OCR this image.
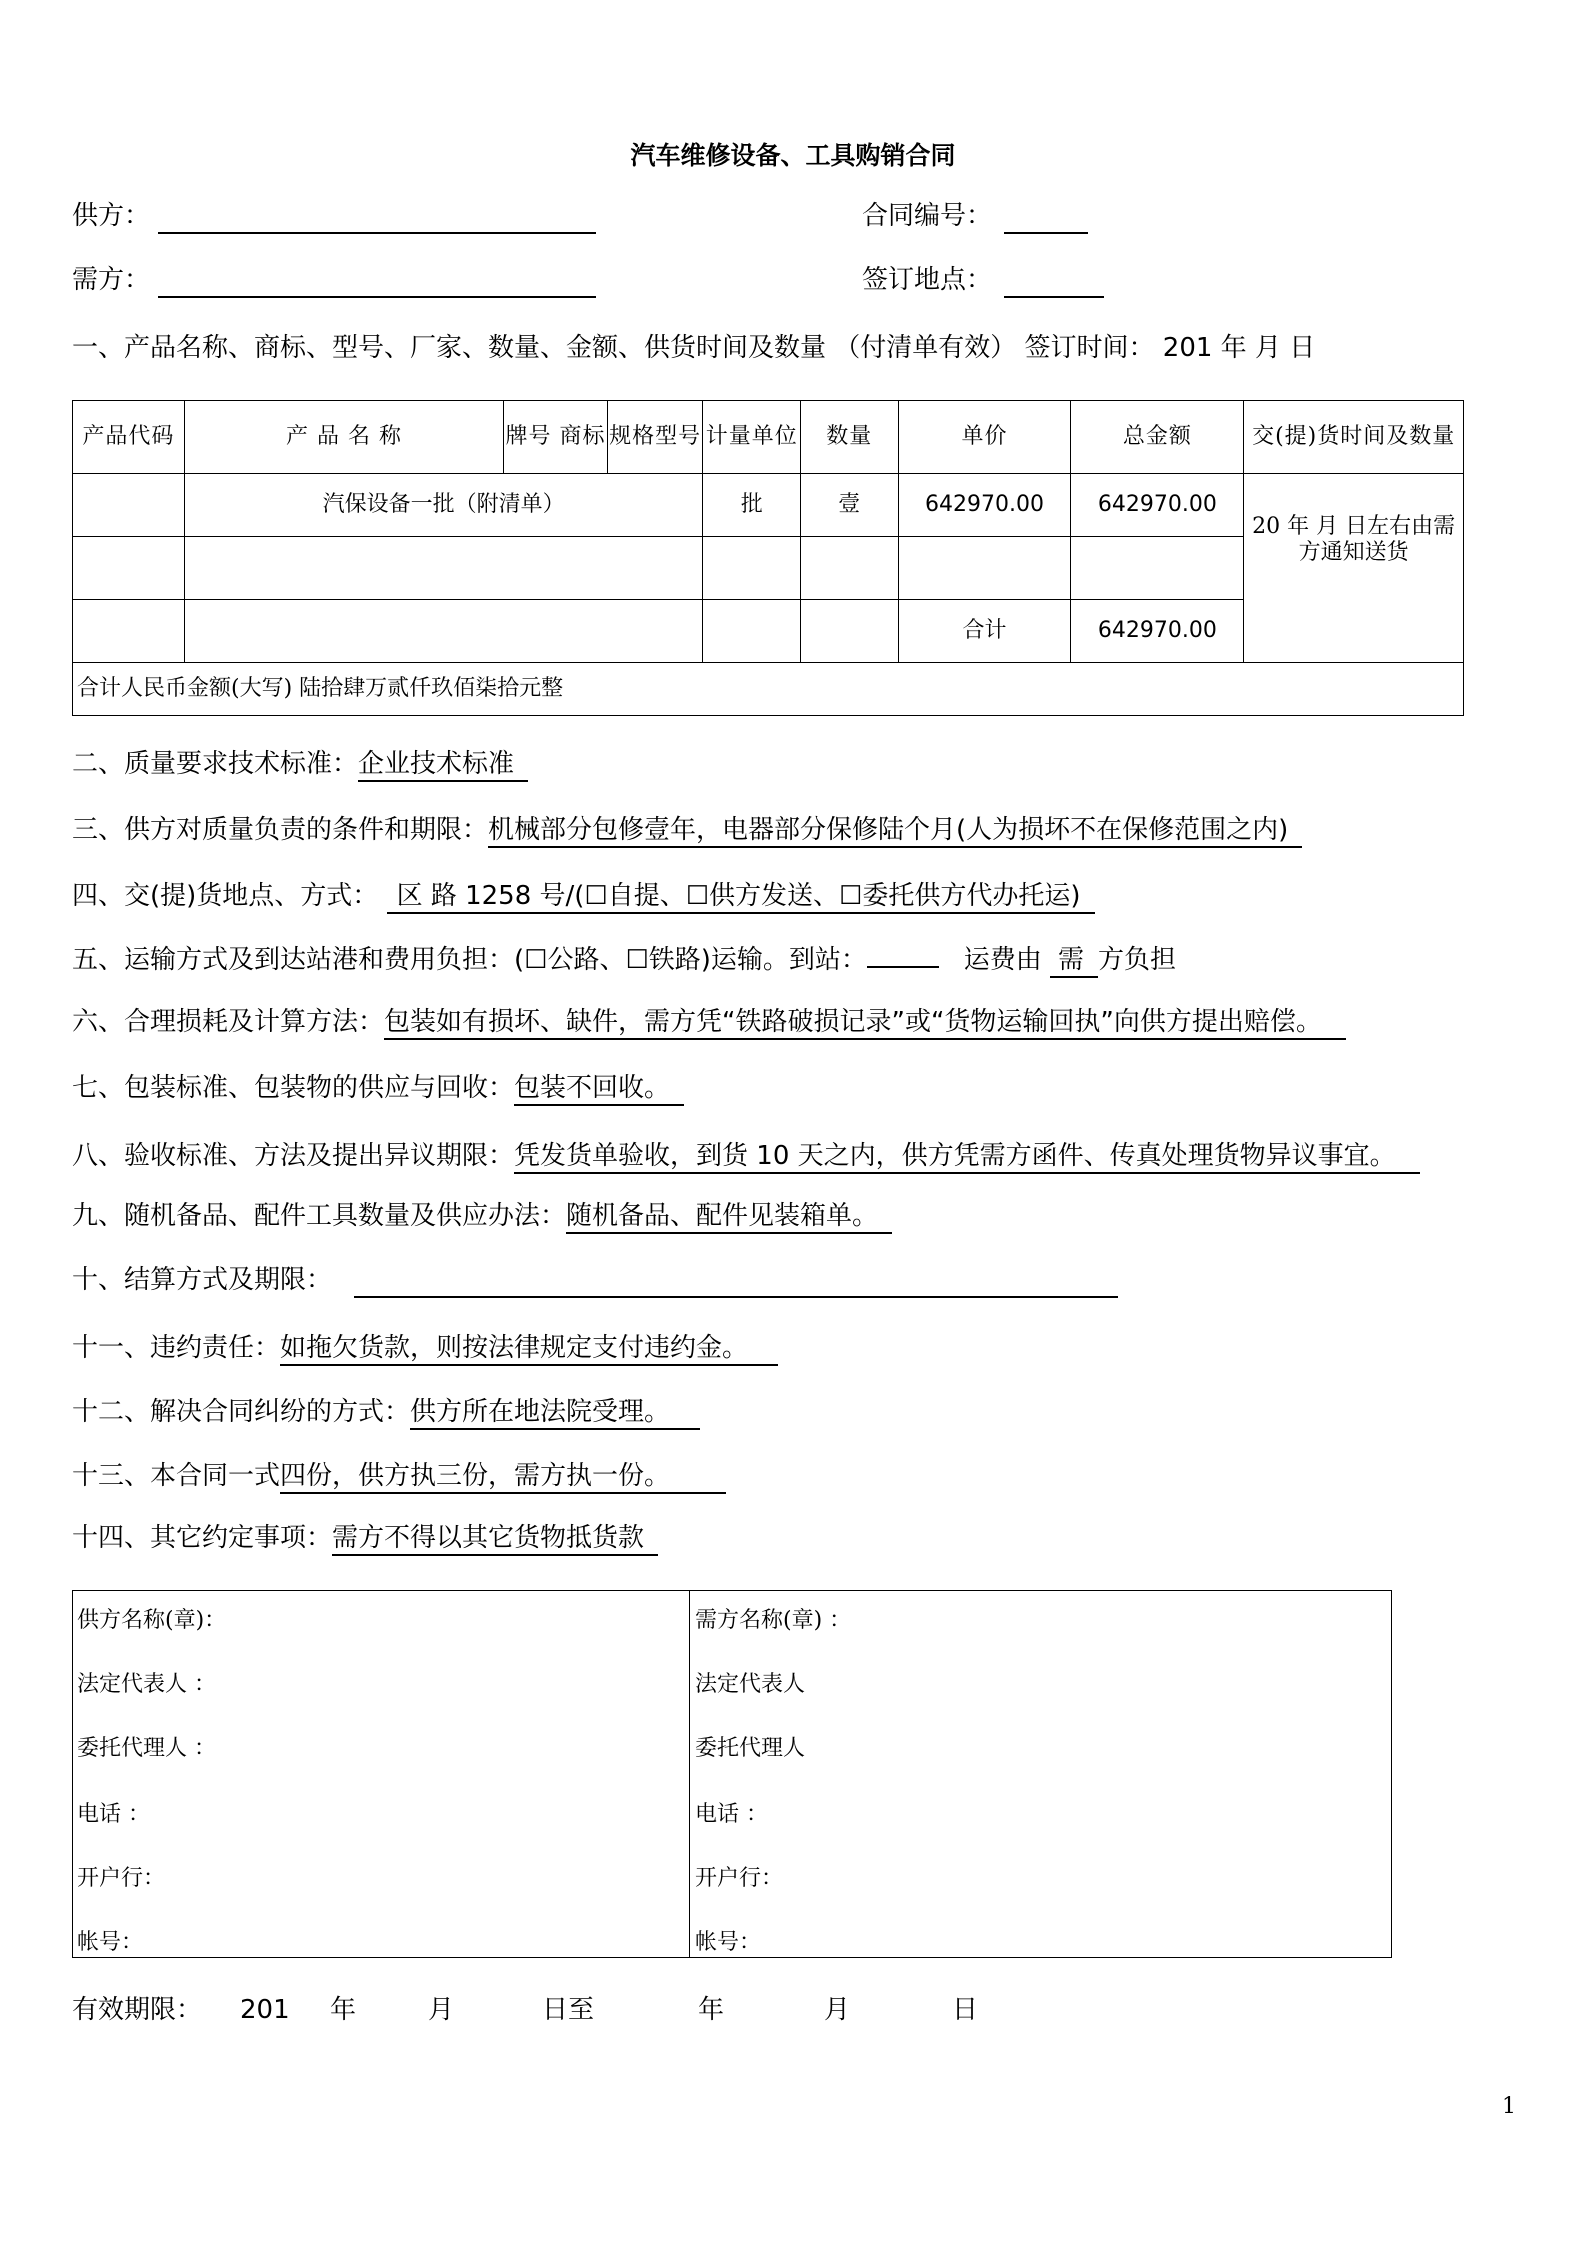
汽车维修设备、工具购销合同
供方：	合同编号：
需方：	签订地点：
一、产品名称、商标、型号、厂家、数量、金额、供货时间及数量 （付清单有效） 签订时间： 201 年 月 日
产品代码	产 品 名 称	牌号 商标	规格型号	计量单位	数量	单价	总金额	交(提)货时间及数量
	汽保设备一批（附清单）			批	壹	642970.00	642970.00	20 年 月 日左右由需方通知送货

						合计	642970.00	
合计人民币金额(大写) 陆拾肆万贰仟玖佰柒拾元整								
二、质量要求技术标准：企业技术标准
三、供方对质量负责的条件和期限：机械部分包修壹年，电器部分保修陆个月(人为损坏不在保修范围之内)
四、交(提)货地点、方式： 区 路 1258 号/(☐自提、☐供方发送、☐委托供方代办托运)
五、运输方式及到达站港和费用负担：(☐公路、☐铁路)运输。到站：	运费由 需 方负担
六、合理损耗及计算方法：包装如有损坏、缺件，需方凭“铁路破损记录”或“货物运输回执”向供方提出赔偿。
七、包装标准、包装物的供应与回收：包装不回收。
八、验收标准、方法及提出异议期限：凭发货单验收，到货 10 天之内，供方凭需方函件、传真处理货物异议事宜。
九、随机备品、配件工具数量及供应办法：随机备品、配件见装箱单。
十、结算方式及期限：
十一、违约责任：如拖欠货款，则按法律规定支付违约金。
十二、解决合同纠纷的方式：供方所在地法院受理。
十三、本合同一式四份，供方执三份，需方执一份。
十四、其它约定事项：需方不得以其它货物抵货款
供方名称(章)：
法定代表人 ：
委托代理人 ：
电话 ：
开户行：
帐号：
需方名称(章) ：
法定代表人
委托代理人
电话 ：
开户行：
帐号：
有效期限： 201 年	月	日至	年	月	日
1
